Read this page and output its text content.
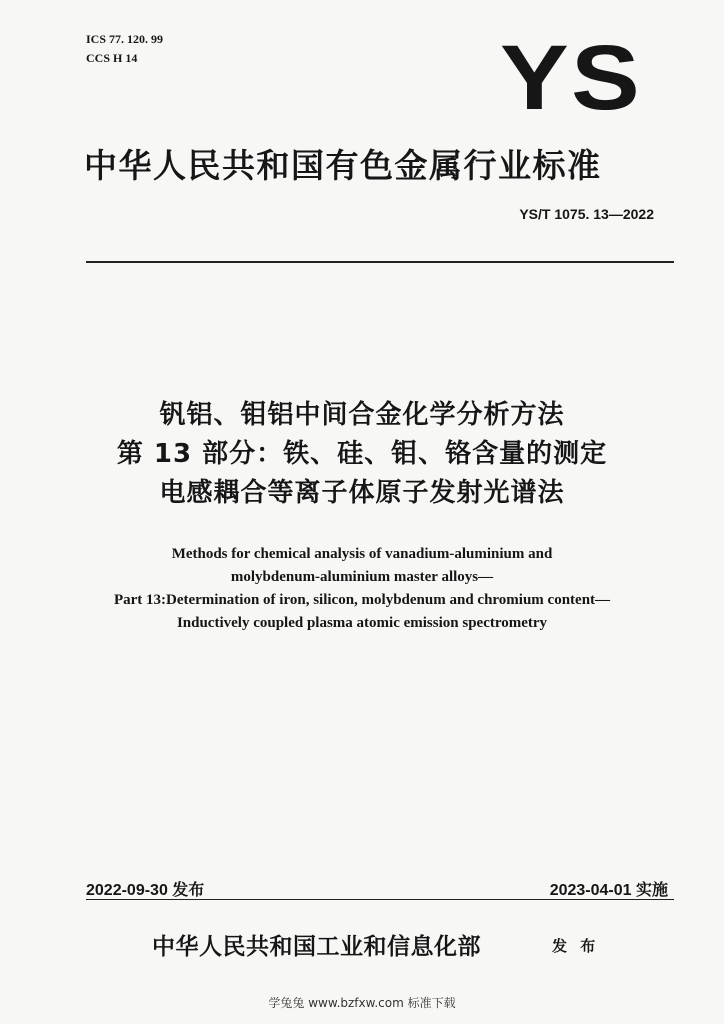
ICS 77. 120. 99
CCS H 14	YS
中华人民共和国有色金属行业标准
YS/T 1075. 13—2022
钒铝、钼铝中间合金化学分析方法
第 13 部分：铁、硅、钼、铬含量的测定
电感耦合等离子体原子发射光谱法
Methods for chemical analysis of vanadium-aluminium and
molybdenum-aluminium master alloys—
Part 13:Determination of iron, silicon, molybdenum and chromium content—
Inductively coupled plasma atomic emission spectrometry
2022-09-30 发布	2023-04-01 实施
中华人民共和国工业和信息化部	发 布
学兔兔 www.bzfxw.com 标准下载
